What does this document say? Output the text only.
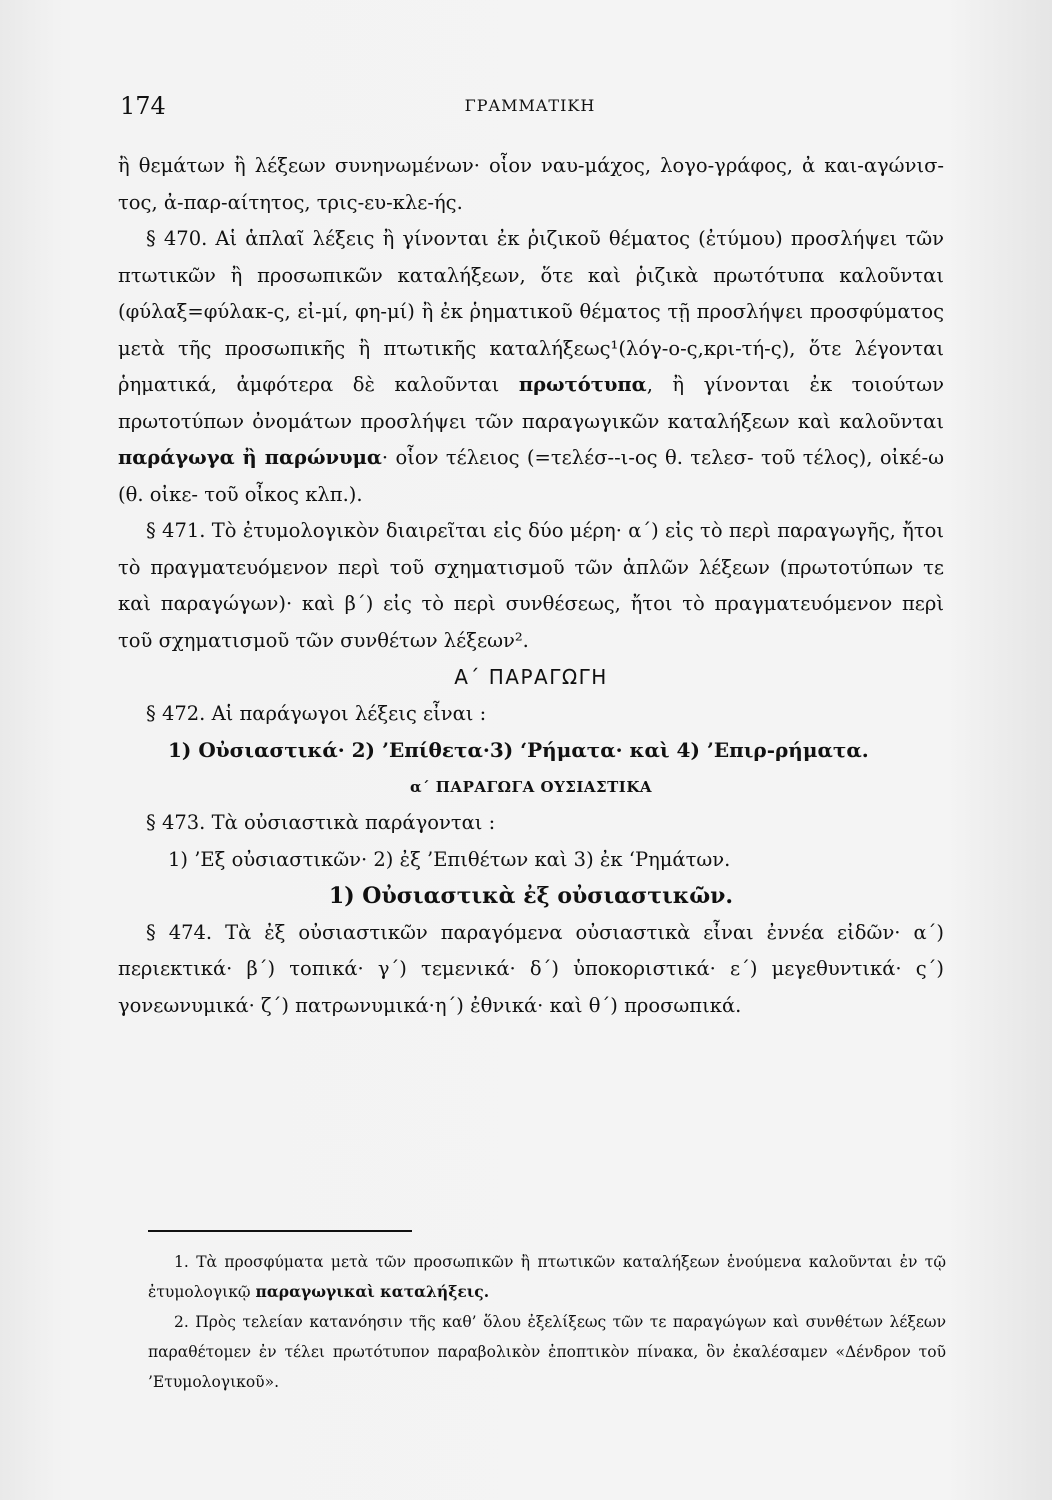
174	ΓΡΑΜΜΑΤΙΚΗ

ἢ θεμάτων ἢ λέξεων συνηνωμένων· οἷον ναυ-μάχος, λογο-γράφος, ἀ και-αγώνισ-τος, ἀ-παρ-αίτητος, τρις-ευ-κλε-ής.

§ 470. Αἱ ἁπλαῖ λέξεις ἢ γίνονται ἐκ ῥιζικοῦ θέματος (ἐτύμου) προσλήψει τῶν πτωτικῶν ἢ προσωπικῶν καταλήξεων, ὅτε καὶ ῥιζικὰ πρωτότυπα καλοῦνται (φύλαξ=φύλακ-ς, εἰ-μί, φη-μί) ἢ ἐκ ῥηματικοῦ θέματος τῇ προσλήψει προσφύματος μετὰ τῆς προσωπικῆς ἢ πτωτικῆς καταλήξεως¹(λόγ-ο-ς,κρι-τή-ς), ὅτε λέγονται ῥηματικά, ἀμφότερα δὲ καλοῦνται πρωτότυπα, ἢ γίνονται ἐκ τοιούτων πρωτοτύπων ὀνομάτων προσλήψει τῶν παραγωγικῶν καταλήξεων καὶ καλοῦνται παράγωγα ἢ παρώνυμα· οἷον τέλειος (=τελέσ--ι-ος θ. τελεσ- τοῦ τέλος), οἰκέ-ω (θ. οἰκε- τοῦ οἶκος κλπ.).

§ 471. Τὸ ἐτυμολογικὸν διαιρεῖται εἰς δύο μέρη· α΄) εἰς τὸ περὶ παραγωγῆς, ἤτοι τὸ πραγματευόμενον περὶ τοῦ σχηματισμοῦ τῶν ἁπλῶν λέξεων (πρωτοτύπων τε καὶ παραγώγων)· καὶ β΄) εἰς τὸ περὶ συνθέσεως, ἤτοι τὸ πραγματευόμενον περὶ τοῦ σχηματισμοῦ τῶν συνθέτων λέξεων².

Α΄ ΠΑΡΑΓΩΓΗ

§ 472. Αἱ παράγωγοι λέξεις εἶναι :

1) Οὐσιαστικά· 2) ’Επίθετα·3) ‘Ρήματα· καὶ 4) ’Επιρ-ρήματα.

α΄ ΠΑΡΑΓΩΓΑ ΟΥΣΙΑΣΤΙΚΑ

§ 473. Τὰ οὐσιαστικὰ παράγονται :

1) ’Εξ οὐσιαστικῶν· 2) ἐξ ’Επιθέτων καὶ 3) ἐκ ‘Ρημάτων.

1) Οὐσιαστικὰ ἐξ οὐσιαστικῶν.

§ 474. Τὰ ἐξ οὐσιαστικῶν παραγόμενα οὐσιαστικὰ εἶναι ἐννέα εἰδῶν· α΄) περιεκτικά· β΄) τοπικά· γ΄) τεμενικά· δ΄) ὑποκοριστικά· ε΄) μεγεθυντικά· ς΄) γονεωνυμικά· ζ΄) πατρωνυμικά·η΄) ἐθνικά· καὶ θ΄) προσωπικά.

1. Τὰ προσφύματα μετὰ τῶν προσωπικῶν ἢ πτωτικῶν καταλήξεων ἑνούμενα καλοῦνται ἐν τῷ ἐτυμολογικῷ παραγωγικαὶ καταλήξεις.

2. Πρὸς τελείαν κατανόησιν τῆς καθ’ ὅλου ἐξελίξεως τῶν τε παραγώγων καὶ συνθέτων λέξεων παραθέτομεν ἐν τέλει πρωτότυπον παραβολικὸν ἐποπτικὸν πίνακα, ὃν ἐκαλέσαμεν «Δένδρον τοῦ ’Ετυμολογικοῦ».
